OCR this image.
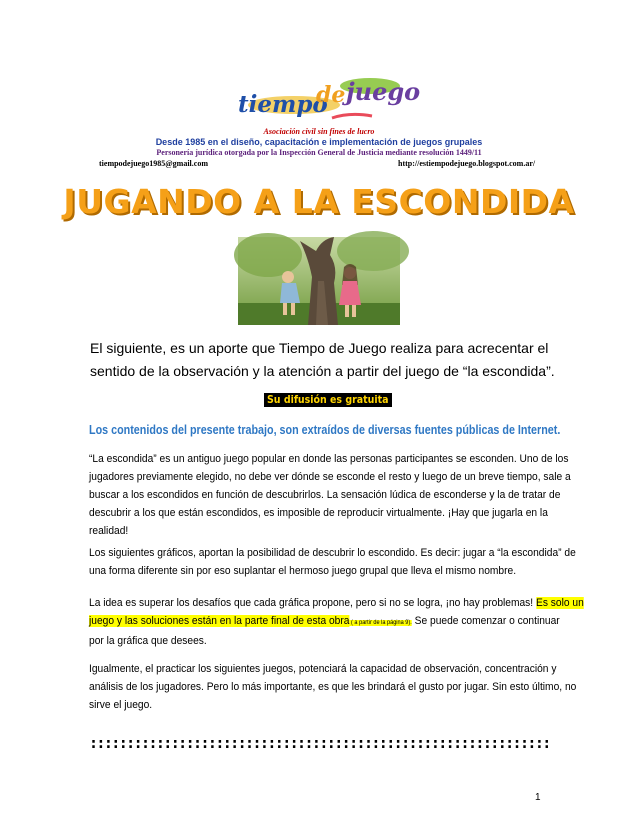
tiempo
de juego
Asociación civil sin fines de lucro
Desde 1985 en el diseño, capacitación e implementación de juegos grupales
Personería jurídica otorgada por la Inspección General de Justicia mediante resolución 1449/11
tiempodejuego1985@gmail.com	http://estiempodejuego.blogspot.com.ar/
JUGANDO A LA ESCONDIDA
El siguiente, es un aporte que Tiempo de Juego realiza para acrecentar el
sentido de la observación y la atención a partir del juego de “la escondida”.
Su difusión es gratuita
Los contenidos del presente trabajo, son extraídos de diversas fuentes públicas de Internet.
“La escondida” es un antiguo juego popular en donde las personas participantes se esconden. Uno de los
jugadores previamente elegido, no debe ver dónde se esconde el resto y luego de un breve tiempo, sale a
buscar a los escondidos en función de descubrirlos. La sensación lúdica de esconderse y la de tratar de
descubrir a los que están escondidos, es imposible de reproducir virtualmente. ¡Hay que jugarla en la
realidad!
Los siguientes gráficos, aportan la posibilidad de descubrir lo escondido. Es decir: jugar a “la escondida” de
una forma diferente sin por eso suplantar el hermoso juego grupal que lleva el mismo nombre.
La idea es superar los desafíos que cada gráfica propone, pero si no se logra, ¡no hay problemas! Es solo un
juego y las soluciones están en la parte final de esta obra ( a partir de la página 9). Se puede comenzar o continuar
por la gráfica que desees.
Igualmente, el practicar los siguientes juegos, potenciará la capacidad de observación, concentración y
análisis de los jugadores. Pero lo más importante, es que les brindará el gusto por jugar. Sin esto último, no
sirve el juego.
::::::::::::::::::::::::::::::::::::::::::::::::::::::::::::::
1
